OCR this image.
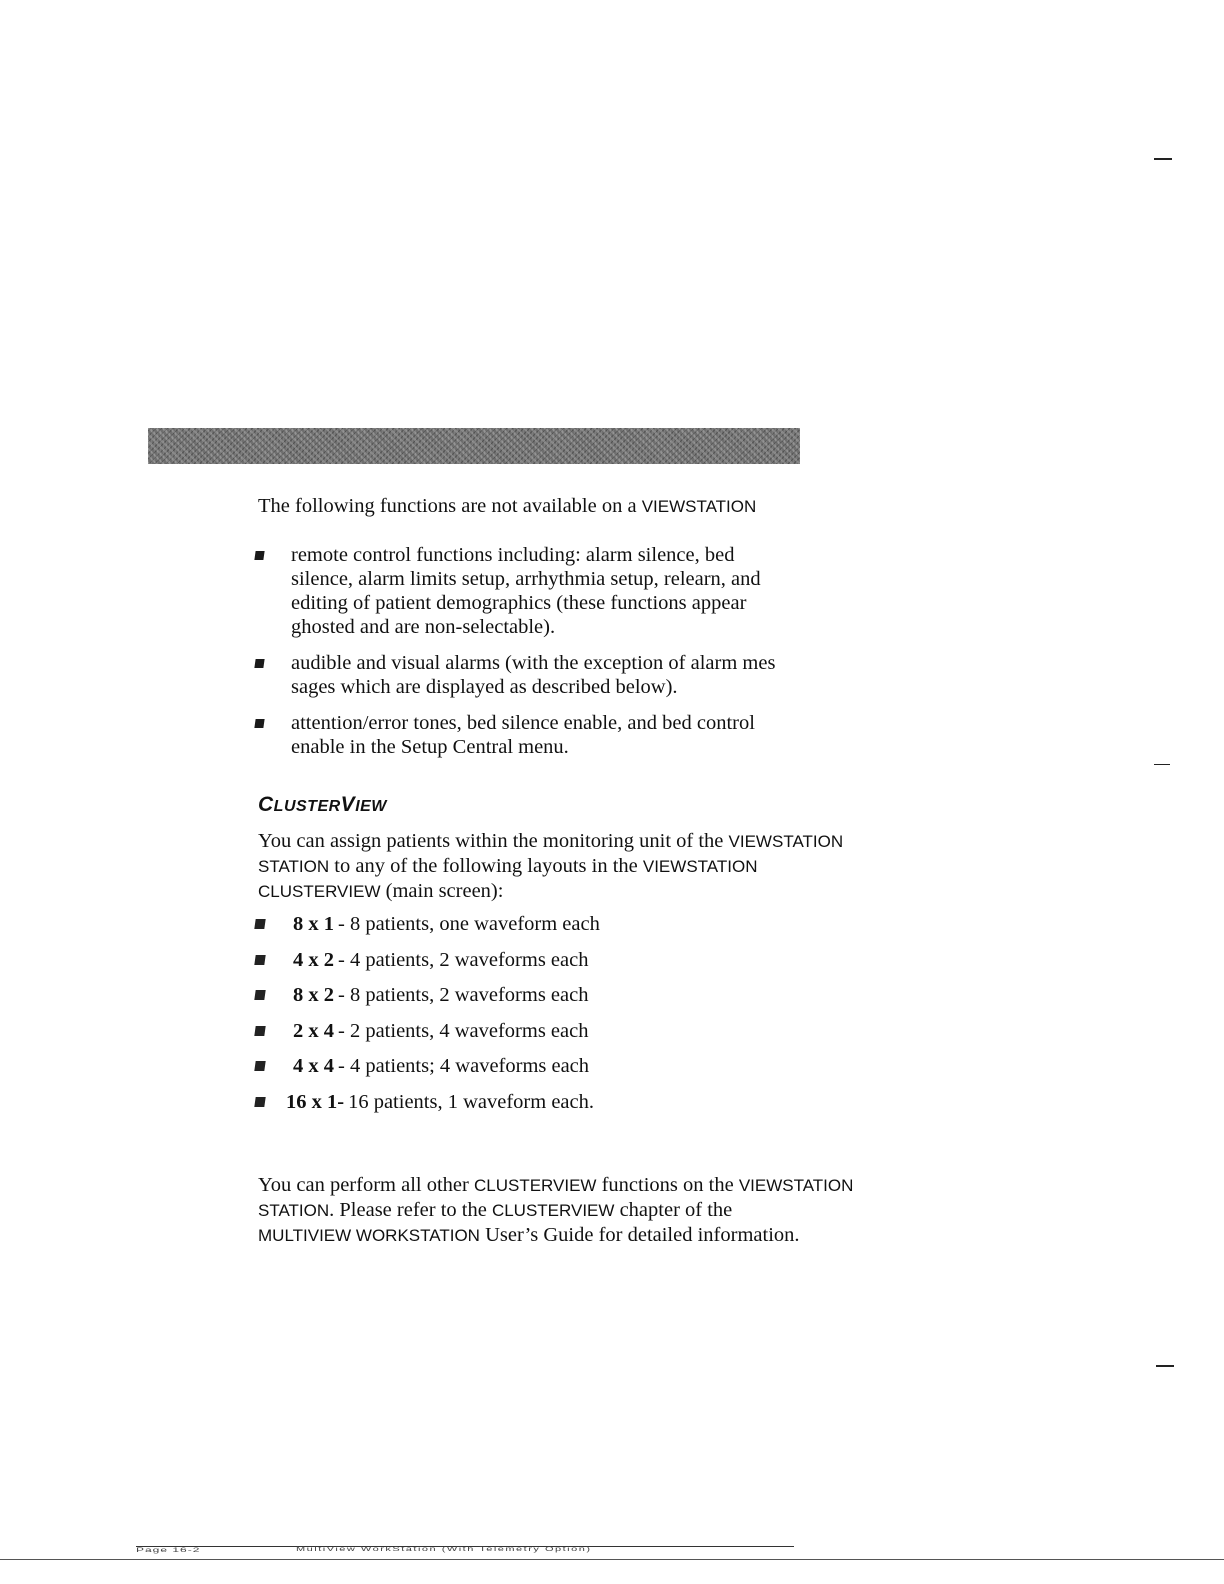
The following functions are not available on a VIEWSTATION
remote control functions including: alarm silence, bed
silence, alarm limits setup, arrhythmia setup, relearn, and
editing of patient demographics (these functions appear
ghosted and are non-selectable).
audible and visual alarms (with the exception of alarm mes
sages which are displayed as described below).
attention/error tones, bed silence enable, and bed control
enable in the Setup Central menu.
CLUSTERVIEW
You can assign patients within the monitoring unit of the VIEWSTATION
STATION to any of the following layouts in the VIEWSTATION
CLUSTERVIEW (main screen):
8 x 1 - 8 patients, one waveform each
4 x 2 - 4 patients, 2 waveforms each
8 x 2 - 8 patients, 2 waveforms each
2 x 4 - 2 patients, 4 waveforms each
4 x 4 - 4 patients; 4 waveforms each
16 x 1- 16 patients, 1 waveform each.
You can perform all other CLUSTERVIEW functions on the VIEWSTATION
STATION. Please refer to the CLUSTERVIEW chapter of the
MULTIVIEW WORKSTATION User’s Guide for detailed information.
Page 16-2	MultiView WorkStation (With Telemetry Option)
